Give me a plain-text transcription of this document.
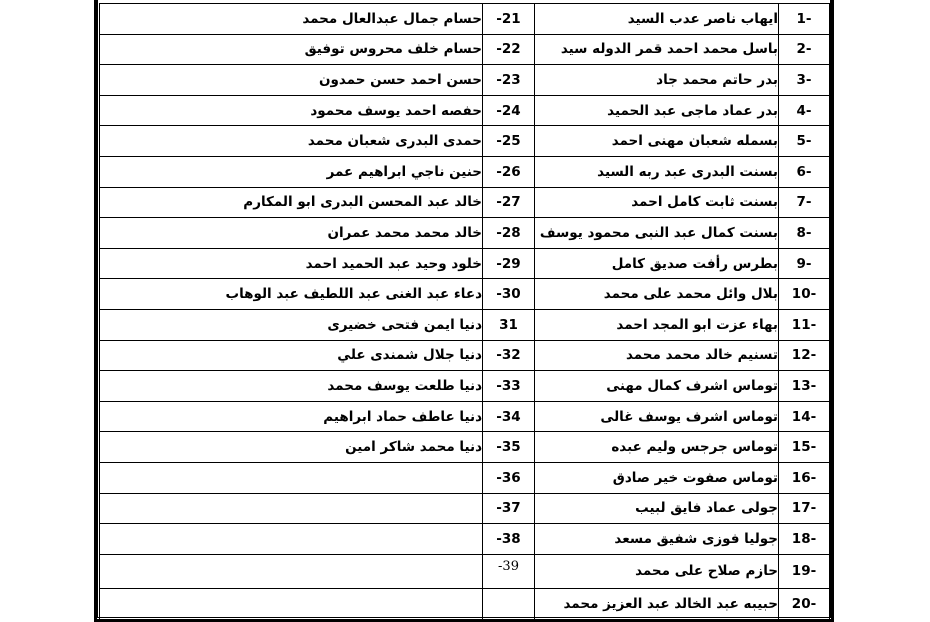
1-	ايهاب ناصر عدب السيد	-21	حسام جمال عبدالعال محمد
2-	باسل محمد احمد قمر الدوله سيد	-22	حسام خلف محروس توفيق
3-	بدر حاتم محمد جاد	-23	حسن احمد حسن حمدون
4-	بدر عماد ماجى عبد الحميد	-24	حفصه احمد يوسف محمود
5-	بسمله شعبان مهنى احمد	-25	حمدى البدرى شعبان محمد
6-	بسنت البدرى عبد ربه السيد	-26	حنين ناجي ابراهيم عمر
7-	بسنت ثابت كامل احمد	-27	خالد عبد المحسن البدرى ابو المكارم
8-	بسنت كمال عبد النبى محمود يوسف	-28	خالد محمد محمد عمران
9-	بطرس رأفت صديق كامل	-29	خلود وحيد عبد الحميد احمد
10-	بلال وائل محمد على محمد	-30	دعاء عبد الغنى عبد اللطيف عبد الوهاب
11-	بهاء عزت ابو المجد احمد	31	دنيا ايمن فتحى خضيرى
12-	تسنيم خالد محمد محمد	-32	دنيا جلال شمندى علي
13-	توماس اشرف كمال مهنى	-33	دنيا طلعت يوسف محمد
14-	توماس اشرف يوسف غالى	-34	دنيا عاطف حماد ابراهيم
15-	توماس جرجس وليم عبده	-35	دنيا محمد شاكر امين
16-	توماس صفوت خير صادق	-36	
17-	جولى عماد فايق لبيب	-37	
18-	جوليا فوزى شفيق مسعد	-38	
19-	حازم صلاح على محمد	-39	
20-	حبيبه عبد الخالد عبد العزيز محمد		
